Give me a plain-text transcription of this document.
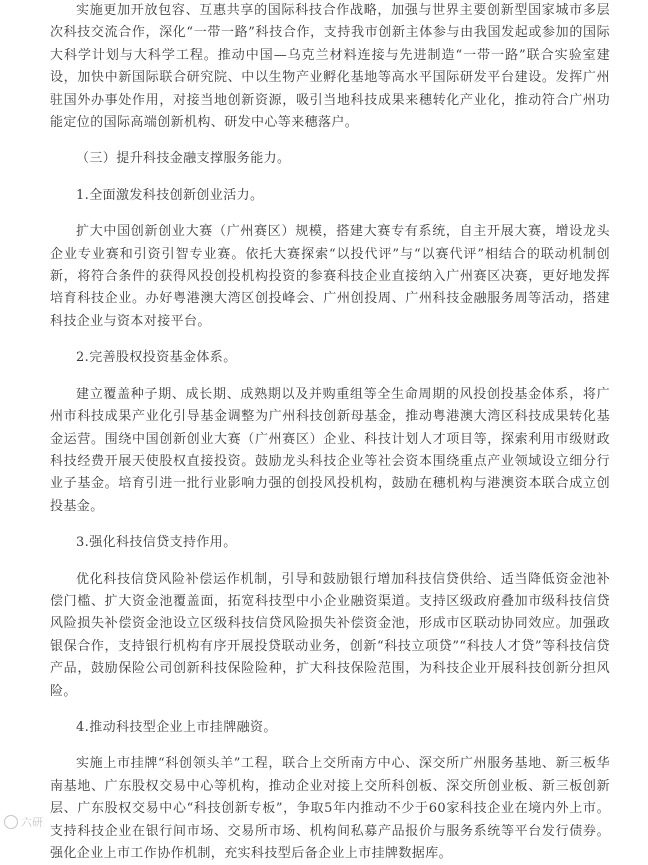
实施更加开放包容、互惠共享的国际科技合作战略，加强与世界主要创新型国家城市多层次科技交流合作，深化“一带一路”科技合作，支持我市创新主体参与由我国发起或参加的国际大科学计划与大科学工程。推动中国—乌克兰材料连接与先进制造“一带一路”联合实验室建设，加快中新国际联合研究院、中以生物产业孵化基地等高水平国际研发平台建设。发挥广州驻国外办事处作用，对接当地创新资源，吸引当地科技成果来穗转化产业化，推动符合广州功能定位的国际高端创新机构、研发中心等来穗落户。

（三）提升科技金融支撑服务能力。

1.全面激发科技创新创业活力。

扩大中国创新创业大赛（广州赛区）规模，搭建大赛专有系统，自主开展大赛，增设龙头企业专业赛和引资引智专业赛。依托大赛探索“以投代评”与“以赛代评”相结合的联动机制创新，将符合条件的获得风投创投机构投资的参赛科技企业直接纳入广州赛区决赛，更好地发挥培育科技企业。办好粤港澳大湾区创投峰会、广州创投周、广州科技金融服务周等活动，搭建科技企业与资本对接平台。

2.完善股权投资基金体系。

建立覆盖种子期、成长期、成熟期以及并购重组等全生命周期的风投创投基金体系，将广州市科技成果产业化引导基金调整为广州科技创新母基金，推动粤港澳大湾区科技成果转化基金运营。围绕中国创新创业大赛（广州赛区）企业、科技计划人才项目等，探索利用市级财政科技经费开展天使股权直接投资。鼓励龙头科技企业等社会资本围绕重点产业领域设立细分行业子基金。培育引进一批行业影响力强的创投风投机构，鼓励在穗机构与港澳资本联合成立创投基金。

3.强化科技信贷支持作用。

优化科技信贷风险补偿运作机制，引导和鼓励银行增加科技信贷供给、适当降低资金池补偿门槛、扩大资金池覆盖面，拓宽科技型中小企业融资渠道。支持区级政府叠加市级科技信贷风险损失补偿资金池设立区级科技信贷风险损失补偿资金池，形成市区联动协同效应。加强政银保合作，支持银行机构有序开展投贷联动业务，创新“科技立项贷”“科技人才贷”等科技信贷产品，鼓励保险公司创新科技保险险种，扩大科技保险范围，为科技企业开展科技创新分担风险。

4.推动科技型企业上市挂牌融资。

实施上市挂牌“科创领头羊”工程，联合上交所南方中心、深交所广州服务基地、新三板华南基地、广东股权交易中心等机构，推动企业对接上交所科创板、深交所创业板、新三板创新层、广东股权交易中心“科技创新专板”，争取5年内推动不少于60家科技企业在境内外上市。支持科技企业在银行间市场、交易所市场、机构间私募产品报价与服务系统等平台发行债券。强化企业上市工作协作机制，充实科技型后备企业上市挂牌数据库。

六研
